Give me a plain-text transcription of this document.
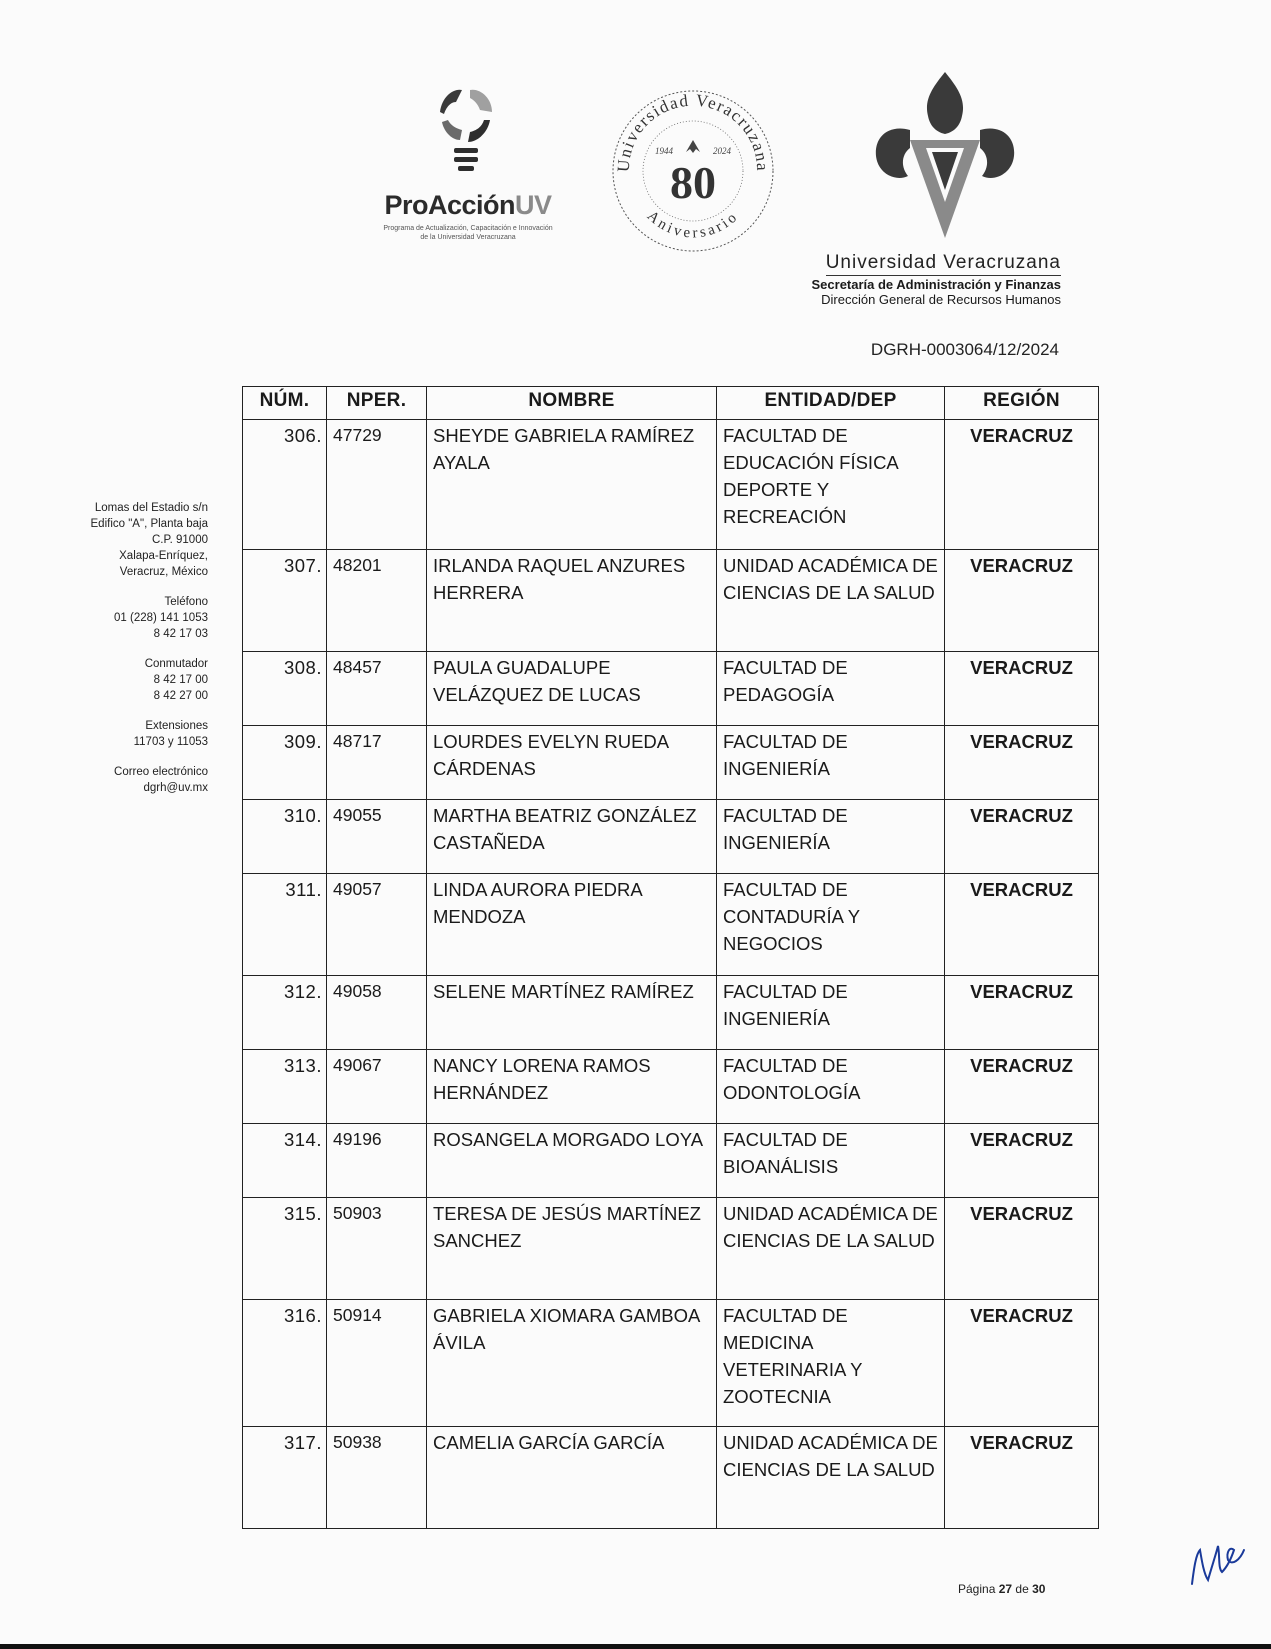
ProAcciónUV
Programa de Actualización, Capacitación e Innovación
de la Universidad Veracruzana
Universidad Veracruzana
Aniversario
1944	2024
80
Universidad Veracruzana
Secretaría de Administración y Finanzas
Dirección General de Recursos Humanos
DGRH-0003064/12/2024
Lomas del Estadio s/n
Edifico "A", Planta baja
C.P. 91000
Xalapa-Enríquez,
Veracruz, México
Teléfono
01 (228) 141 1053
8 42 17 03
Conmutador
8 42 17 00
8 42 27 00
Extensiones
11703 y 11053
Correo electrónico
dgrh@uv.mx
NÚM.	NPER.	NOMBRE	ENTIDAD/DEP	REGIÓN
306.	47729	SHEYDE GABRIELA RAMÍREZ AYALA	FACULTAD DE EDUCACIÓN FÍSICA DEPORTE Y RECREACIÓN	VERACRUZ
307.	48201	IRLANDA RAQUEL ANZURES HERRERA	UNIDAD ACADÉMICA DE CIENCIAS DE LA SALUD	VERACRUZ
308.	48457	PAULA GUADALUPE VELÁZQUEZ DE LUCAS	FACULTAD DE PEDAGOGÍA	VERACRUZ
309.	48717	LOURDES EVELYN RUEDA CÁRDENAS	FACULTAD DE INGENIERÍA	VERACRUZ
310.	49055	MARTHA BEATRIZ GONZÁLEZ CASTAÑEDA	FACULTAD DE INGENIERÍA	VERACRUZ
311.	49057	LINDA AURORA PIEDRA MENDOZA	FACULTAD DE CONTADURÍA Y NEGOCIOS	VERACRUZ
312.	49058	SELENE MARTÍNEZ RAMÍREZ	FACULTAD DE INGENIERÍA	VERACRUZ
313.	49067	NANCY LORENA RAMOS HERNÁNDEZ	FACULTAD DE ODONTOLOGÍA	VERACRUZ
314.	49196	ROSANGELA MORGADO LOYA	FACULTAD DE BIOANÁLISIS	VERACRUZ
315.	50903	TERESA DE JESÚS MARTÍNEZ SANCHEZ	UNIDAD ACADÉMICA DE CIENCIAS DE LA SALUD	VERACRUZ
316.	50914	GABRIELA XIOMARA GAMBOA ÁVILA	FACULTAD DE MEDICINA VETERINARIA Y ZOOTECNIA	VERACRUZ
317.	50938	CAMELIA GARCÍA GARCÍA	UNIDAD ACADÉMICA DE CIENCIAS DE LA SALUD	VERACRUZ
Página 27 de 30
